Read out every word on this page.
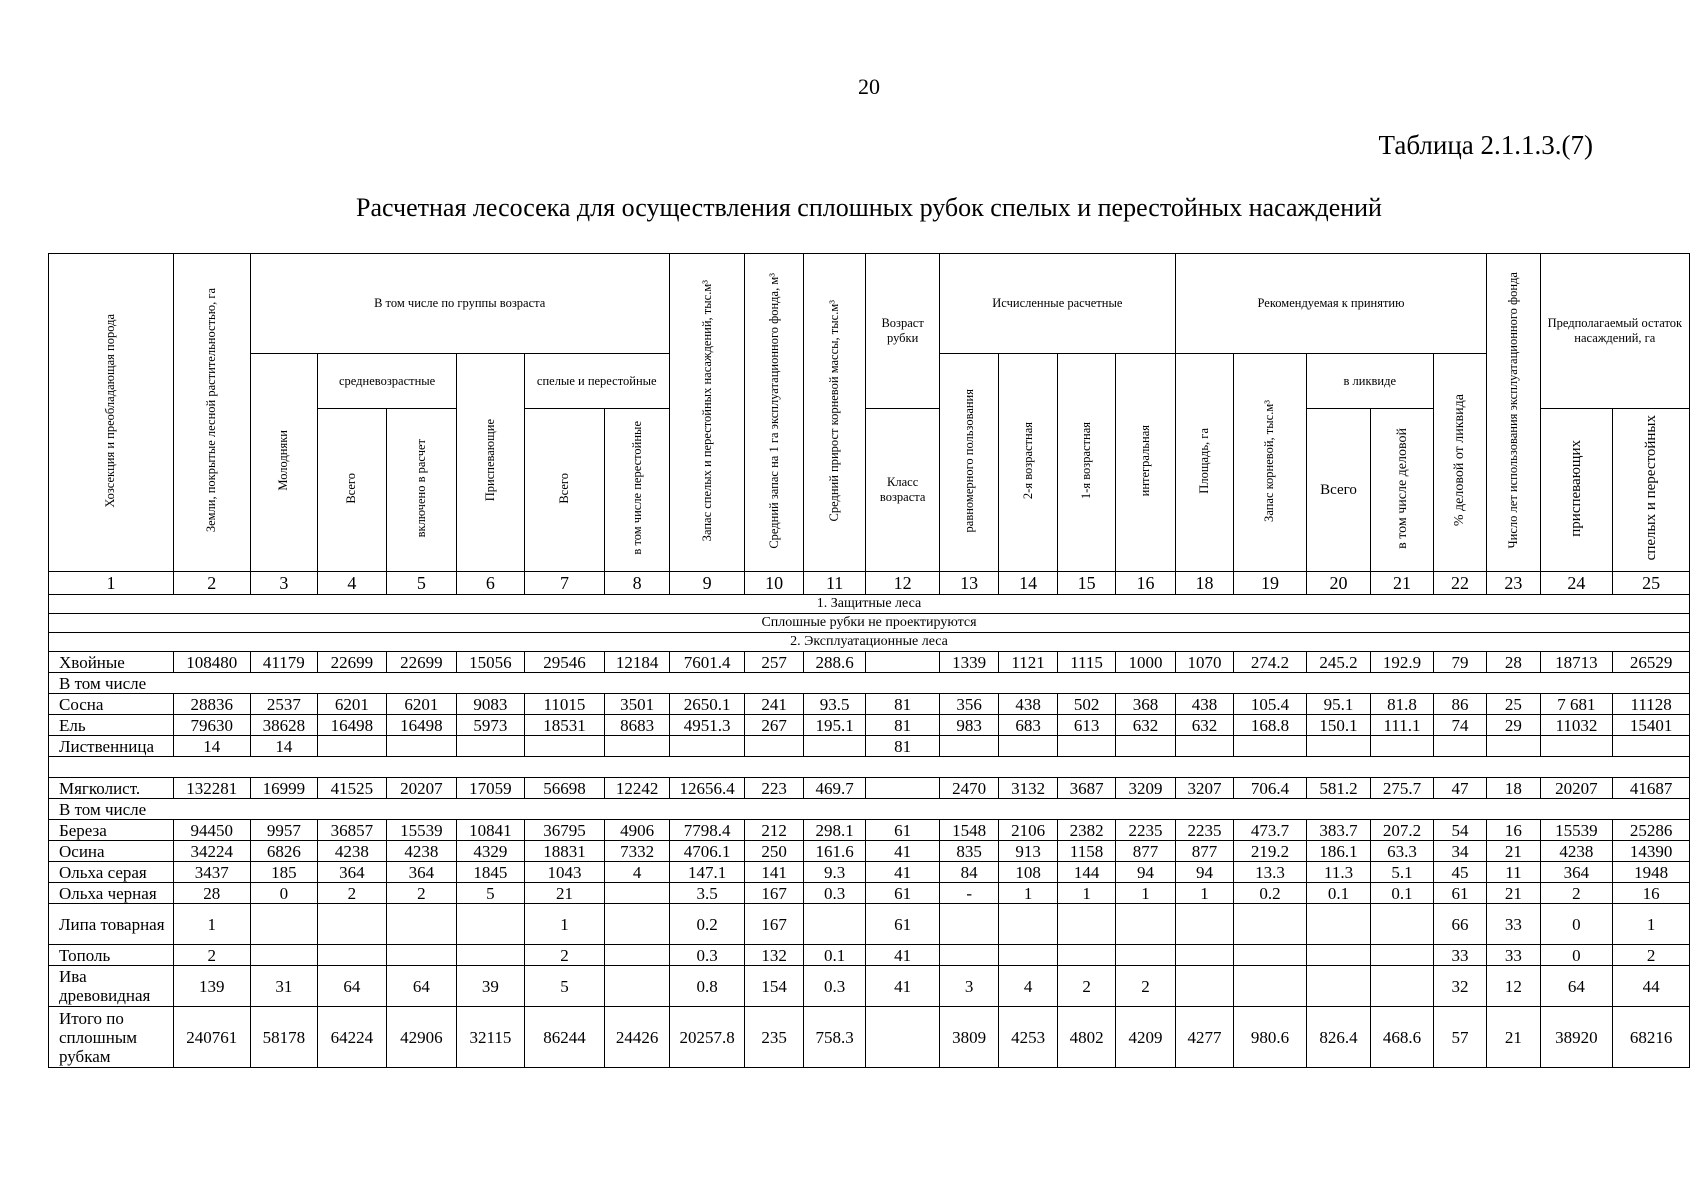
20
Таблица 2.1.1.3.(7)
Расчетная лесосека для осуществления сплошных рубок спелых и перестойных насаждений
Хозсекция и преобладающая порода	Земли, покрытые лесной растительностью, га	В том числе по группы возраста						Запас спелых и перестойных насаждений, тыс.м³	Средний запас на 1 га эксплуатационного фонда, м³	Средний прирост корневой массы, тыс.м³	Возраст рубки	Исчисленные расчетные				Рекомендуемая к принятию					Число лет использования эксплуатационного фонда	Предполагаемый остаток насаждений, га	
		Молодняки	средневозрастные		Приспевающие	спелые и перестойные						равномерного пользования	2-я возрастная	1-я возрастная	интегральная	Площадь, га	Запас корневой, тыс.м³	в ликвиде		% деловой от ликвида			
			Всего	включено в расчет		Всего	в том числе перестойные				Класс возраста							Всего	в том числе деловой			приспевающих	спелых и перестойных
1	2	3	4	5	6	7	8	9	10	11	12	13	14	15	16	18	19	20	21	22	23	24	25
1. Защитные леса																							
Сплошные рубки не проектируются																							
2. Эксплуатационные леса																							
Хвойные	108480	41179	22699	22699	15056	29546	12184	7601.4	257	288.6		1339	1121	1115	1000	1070	274.2	245.2	192.9	79	28	18713	26529
В том числе																							
Сосна	28836	2537	6201	6201	9083	11015	3501	2650.1	241	93.5	81	356	438	502	368	438	105.4	95.1	81.8	86	25	7 681	11128
Ель	79630	38628	16498	16498	5973	18531	8683	4951.3	267	195.1	81	983	683	613	632	632	168.8	150.1	111.1	74	29	11032	15401
Лиственница	14	14									81												

Мягколист.	132281	16999	41525	20207	17059	56698	12242	12656.4	223	469.7		2470	3132	3687	3209	3207	706.4	581.2	275.7	47	18	20207	41687
В том числе																							
Береза	94450	9957	36857	15539	10841	36795	4906	7798.4	212	298.1	61	1548	2106	2382	2235	2235	473.7	383.7	207.2	54	16	15539	25286
Осина	34224	6826	4238	4238	4329	18831	7332	4706.1	250	161.6	41	835	913	1158	877	877	219.2	186.1	63.3	34	21	4238	14390
Ольха серая	3437	185	364	364	1845	1043	4	147.1	141	9.3	41	84	108	144	94	94	13.3	11.3	5.1	45	11	364	1948
Ольха черная	28	0	2	2	5	21		3.5	167	0.3	61	-	1	1	1	1	0.2	0.1	0.1	61	21	2	16
Липа товарная	1					1		0.2	167		61									66	33	0	1
Тополь	2					2		0.3	132	0.1	41									33	33	0	2
Ива древовидная	139	31	64	64	39	5		0.8	154	0.3	41	3	4	2	2					32	12	64	44
Итого по сплошным рубкам	240761	58178	64224	42906	32115	86244	24426	20257.8	235	758.3		3809	4253	4802	4209	4277	980.6	826.4	468.6	57	21	38920	68216
